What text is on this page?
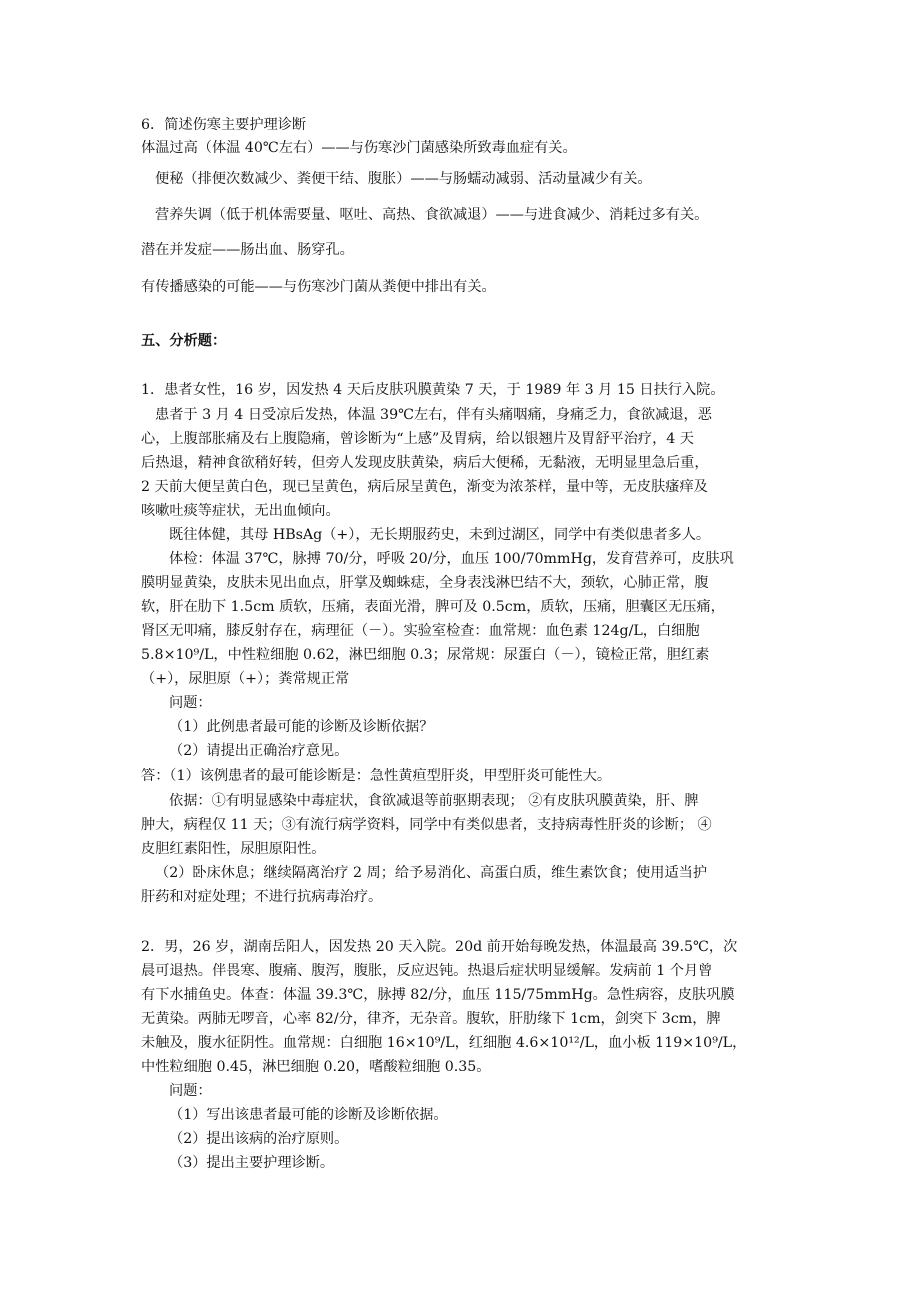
6．简述伤寒主要护理诊断
体温过高（体温 40℃左右）——与伤寒沙门菌感染所致毒血症有关。
便秘（排便次数减少、粪便干结、腹胀）——与肠蠕动减弱、活动量减少有关。
营养失调（低于机体需要量、呕吐、高热、食欲减退）——与进食减少、消耗过多有关。
潜在并发症——肠出血、肠穿孔。
有传播感染的可能——与伤寒沙门菌从粪便中排出有关。
五、分析题：
1．患者女性，16 岁，因发热 4 天后皮肤巩膜黄染 7 天，于 1989 年 3 月 15 日扶行入院。
患者于 3 月 4 日受凉后发热，体温 39℃左右，伴有头痛咽痛，身痛乏力，食欲减退，恶
心，上腹部胀痛及右上腹隐痛，曾诊断为“上感”及胃病，给以银翘片及胃舒平治疗，4 天
后热退，精神食欲稍好转，但旁人发现皮肤黄染，病后大便稀，无黏液，无明显里急后重，
2 天前大便呈黄白色，现已呈黄色，病后尿呈黄色，渐变为浓茶样，量中等，无皮肤瘙痒及
咳嗽吐痰等症状，无出血倾向。
既往体健，其母 HBsAg（+），无长期服药史，未到过湖区，同学中有类似患者多人。
体检：体温 37℃，脉搏 70/分，呼吸 20/分，血压 100/70mmHg，发育营养可，皮肤巩
膜明显黄染，皮肤未见出血点，肝掌及蜘蛛痣，全身表浅淋巴结不大，颈软，心肺正常，腹
软，肝在肋下 1.5cm 质软，压痛，表面光滑，脾可及 0.5cm，质软，压痛，胆囊区无压痛，
肾区无叩痛，膝反射存在，病理征（－）。实验室检查：血常规：血色素 124g/L，白细胞
5.8×10⁹/L，中性粒细胞 0.62，淋巴细胞 0.3；尿常规：尿蛋白（－），镜检正常，胆红素
（+），尿胆原（+）；粪常规正常
问题：
（1）此例患者最可能的诊断及诊断依据？
（2）请提出正确治疗意见。
答：（1）该例患者的最可能诊断是：急性黄疸型肝炎，甲型肝炎可能性大。
依据：①有明显感染中毒症状，食欲减退等前驱期表现； ②有皮肤巩膜黄染，肝、脾
肿大，病程仅 11 天；③有流行病学资料，同学中有类似患者，支持病毒性肝炎的诊断； ④
皮胆红素阳性，尿胆原阳性。
（2）卧床休息；继续隔离治疗 2 周；给予易消化、高蛋白质，维生素饮食；使用适当护
肝药和对症处理；不进行抗病毒治疗。
2．男，26 岁，湖南岳阳人，因发热 20 天入院。20d 前开始每晚发热，体温最高 39.5℃，次
晨可退热。伴畏寒、腹痛、腹泻，腹胀，反应迟钝。热退后症状明显缓解。发病前 1 个月曾
有下水捕鱼史。体查：体温 39.3℃，脉搏 82/分，血压 115/75mmHg。急性病容，皮肤巩膜
无黄染。两肺无啰音，心率 82/分，律齐，无杂音。腹软，肝肋缘下 1cm，剑突下 3cm，脾
未触及，腹水征阴性。血常规：白细胞 16×10⁹/L，红细胞 4.6×10¹²/L，血小板 119×10⁹/L，
中性粒细胞 0.45，淋巴细胞 0.20，嗜酸粒细胞 0.35。
问题：
（1）写出该患者最可能的诊断及诊断依据。
（2）提出该病的治疗原则。
（3）提出主要护理诊断。
